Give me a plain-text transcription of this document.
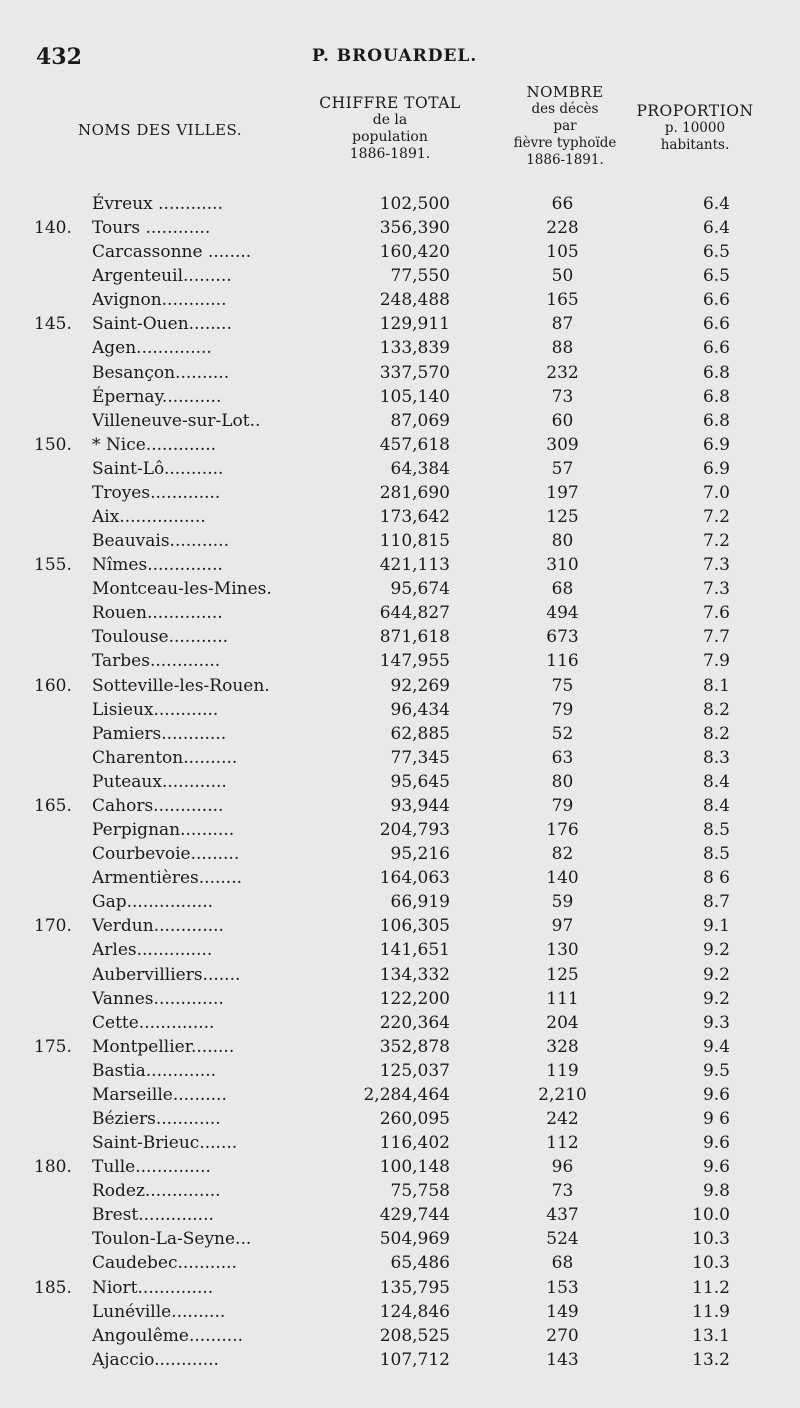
432	P. BROUARDEL.
NOMS DES VILLES.
CHIFFRE TOTAL
de la
population
1886-1891.
NOMBRE
des décès
par
fièvre typhoïde
1886-1891.
PROPORTION
p. 10000
habitants.
Évreux ............	102,500	66	6.4
140.	Tours ............	356,390	228	6.4
Carcassonne ........	160,420	105	6.5
Argenteuil.........	77,550	50	6.5
Avignon............	248,488	165	6.6
145.	Saint-Ouen........	129,911	87	6.6
Agen..............	133,839	88	6.6
Besançon..........	337,570	232	6.8
Épernay...........	105,140	73	6.8
Villeneuve-sur-Lot..	87,069	60	6.8
150.	* Nice.............	457,618	309	6.9
Saint-Lô...........	64,384	57	6.9
Troyes.............	281,690	197	7.0
Aix................	173,642	125	7.2
Beauvais...........	110,815	80	7.2
155.	Nîmes..............	421,113	310	7.3
Montceau-les-Mines.	95,674	68	7.3
Rouen..............	644,827	494	7.6
Toulouse...........	871,618	673	7.7
Tarbes.............	147,955	116	7.9
160.	Sotteville-les-Rouen.	92,269	75	8.1
Lisieux............	96,434	79	8.2
Pamiers............	62,885	52	8.2
Charenton..........	77,345	63	8.3
Puteaux............	95,645	80	8.4
165.	Cahors.............	93,944	79	8.4
Perpignan..........	204,793	176	8.5
Courbevoie.........	95,216	82	8.5
Armentières........	164,063	140	8 6
Gap................	66,919	59	8.7
170.	Verdun.............	106,305	97	9.1
Arles..............	141,651	130	9.2
Aubervilliers.......	134,332	125	9.2
Vannes.............	122,200	111	9.2
Cette..............	220,364	204	9.3
175.	Montpellier........	352,878	328	9.4
Bastia.............	125,037	119	9.5
Marseille..........	2,284,464	2,210	9.6
Béziers............	260,095	242	9 6
Saint-Brieuc.......	116,402	112	9.6
180.	Tulle..............	100,148	96	9.6
Rodez..............	75,758	73	9.8
Brest..............	429,744	437	10.0
Toulon-La-Seyne...	504,969	524	10.3
Caudebec...........	65,486	68	10.3
185.	Niort..............	135,795	153	11.2
Lunéville..........	124,846	149	11.9
Angoulême..........	208,525	270	13.1
Ajaccio............	107,712	143	13.2
